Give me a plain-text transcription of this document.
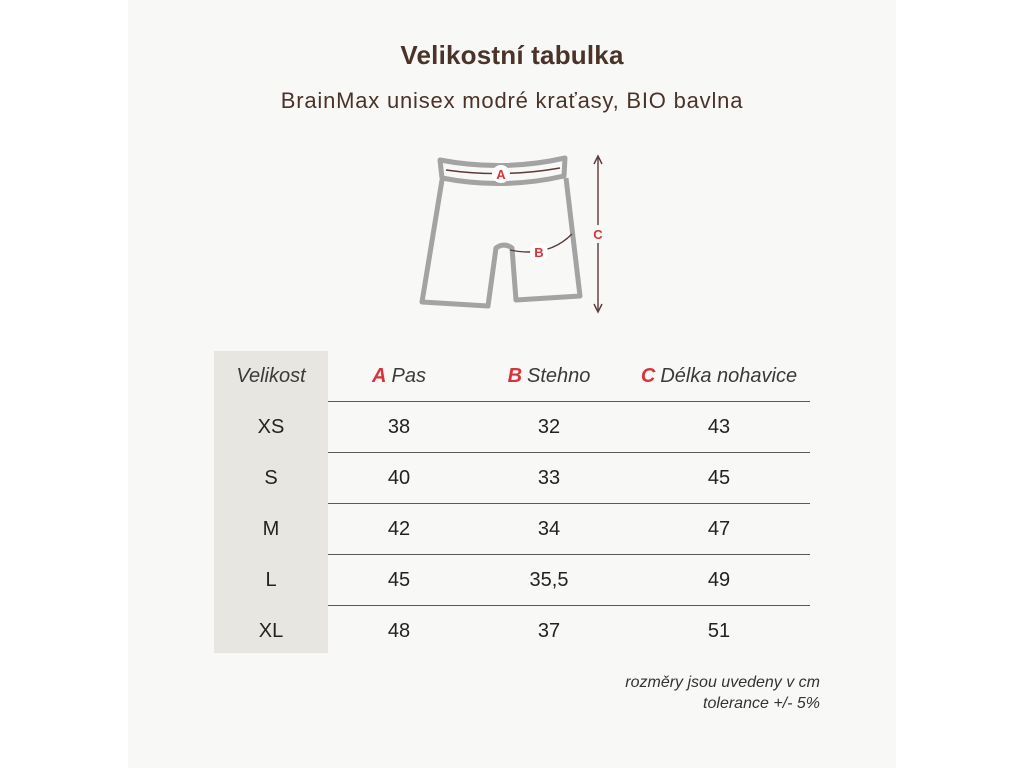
Velikostní tabulka
BrainMax unisex modré kraťasy, BIO bavlna
A
B
C
Velikost	A Pas	B Stehno	C Délka nohavice
XS	38	32	43
S	40	33	45
M	42	34	47
L	45	35,5	49
XL	48	37	51
rozměry jsou uvedeny v cm
tolerance +/- 5%
